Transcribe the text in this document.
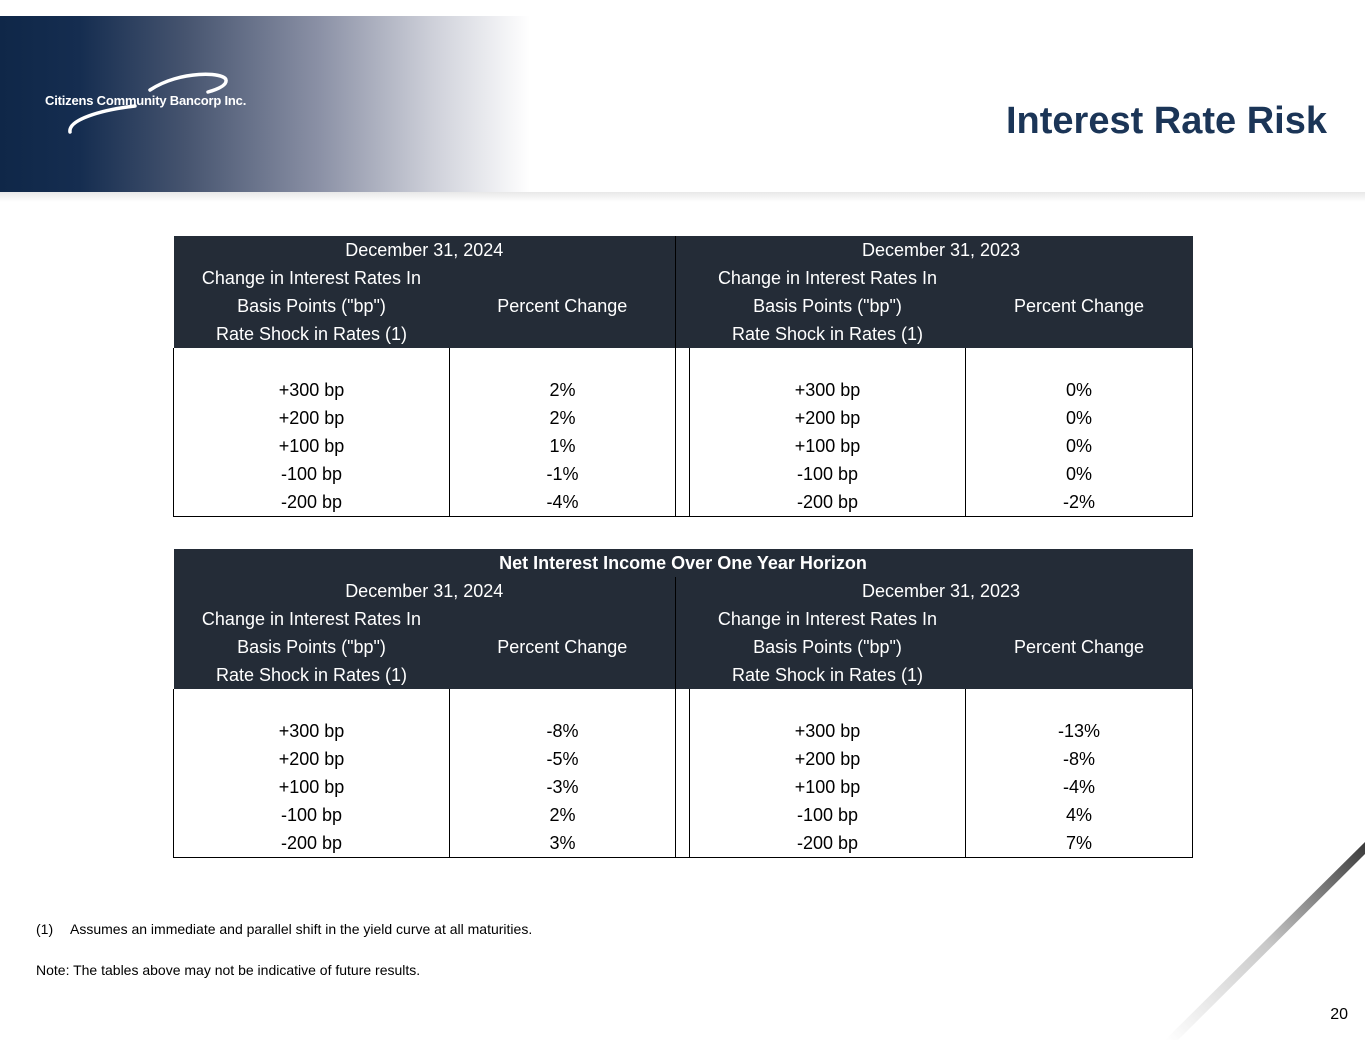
Citizens Community Bancorp Inc.	Interest Rate Risk
December 31, 2024			December 31, 2023	
Change in Interest Rates In			Change in Interest Rates In	
Basis Points ("bp")	Percent Change		Basis Points ("bp")	Percent Change
Rate Shock in Rates (1)			Rate Shock in Rates (1)	

+300 bp	2%		+300 bp	0%
+200 bp	2%		+200 bp	0%
+100 bp	1%		+100 bp	0%
-100 bp	-1%		-100 bp	0%
-200 bp	-4%		-200 bp	-2%
Net Interest Income Over One Year Horizon				
December 31, 2024			December 31, 2023	
Change in Interest Rates In			Change in Interest Rates In	
Basis Points ("bp")	Percent Change		Basis Points ("bp")	Percent Change
Rate Shock in Rates (1)			Rate Shock in Rates (1)	

+300 bp	-8%		+300 bp	-13%
+200 bp	-5%		+200 bp	-8%
+100 bp	-3%		+100 bp	-4%
-100 bp	2%		-100 bp	4%
-200 bp	3%		-200 bp	7%
(1) Assumes an immediate and parallel shift in the yield curve at all maturities.
Note: The tables above may not be indicative of future results.
20
